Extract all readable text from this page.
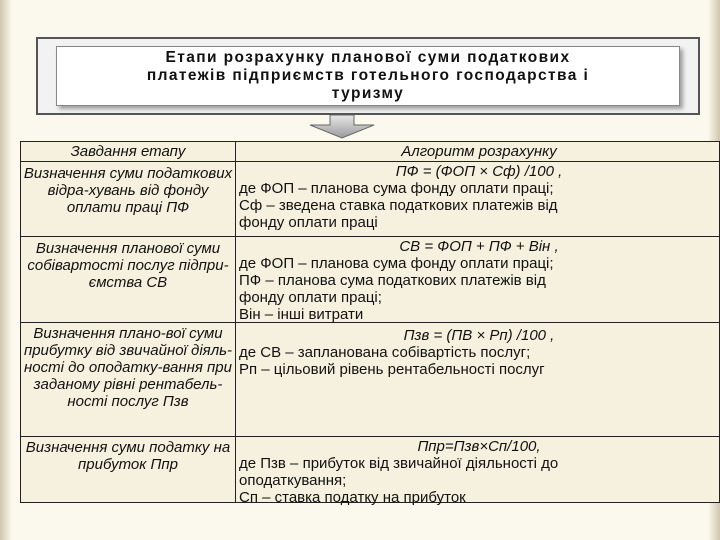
Етапи розрахунку планової суми податкових
платежів підприємств готельного господарства і
туризму

Завдання етапу	Алгоритм розрахунку
Визначення суми податкових відра-хувань від фонду оплати праці ПФ
ПФ = (ФОП × Сф) /100 ,
де ФОП – планова сума фонду оплати праці;
Сф – зведена ставка податкових платежів від
фонду оплати праці
Визначення планової суми собівартості послуг підпри-ємства СВ
СВ = ФОП + ПФ + Він ,
де ФОП – планова сума фонду оплати праці;
ПФ – планова сума податкових платежів від
фонду оплати праці;
Він – інші витрати
Визначення плано-вої суми прибутку від звичайної діяль-ності до оподатку-вання при заданому рівні рентабель-ності послуг Пзв
Пзв = (ПВ × Рп) /100 ,
де СВ – запланована собівартість послуг;
Рп – цільовий рівень рентабельності послуг
Визначення суми податку на прибуток Ппр
Ппр=Пзв×Сп/100,
де Пзв – прибуток від звичайної діяльності до
оподаткування;
Сп – ставка податку на прибуток
